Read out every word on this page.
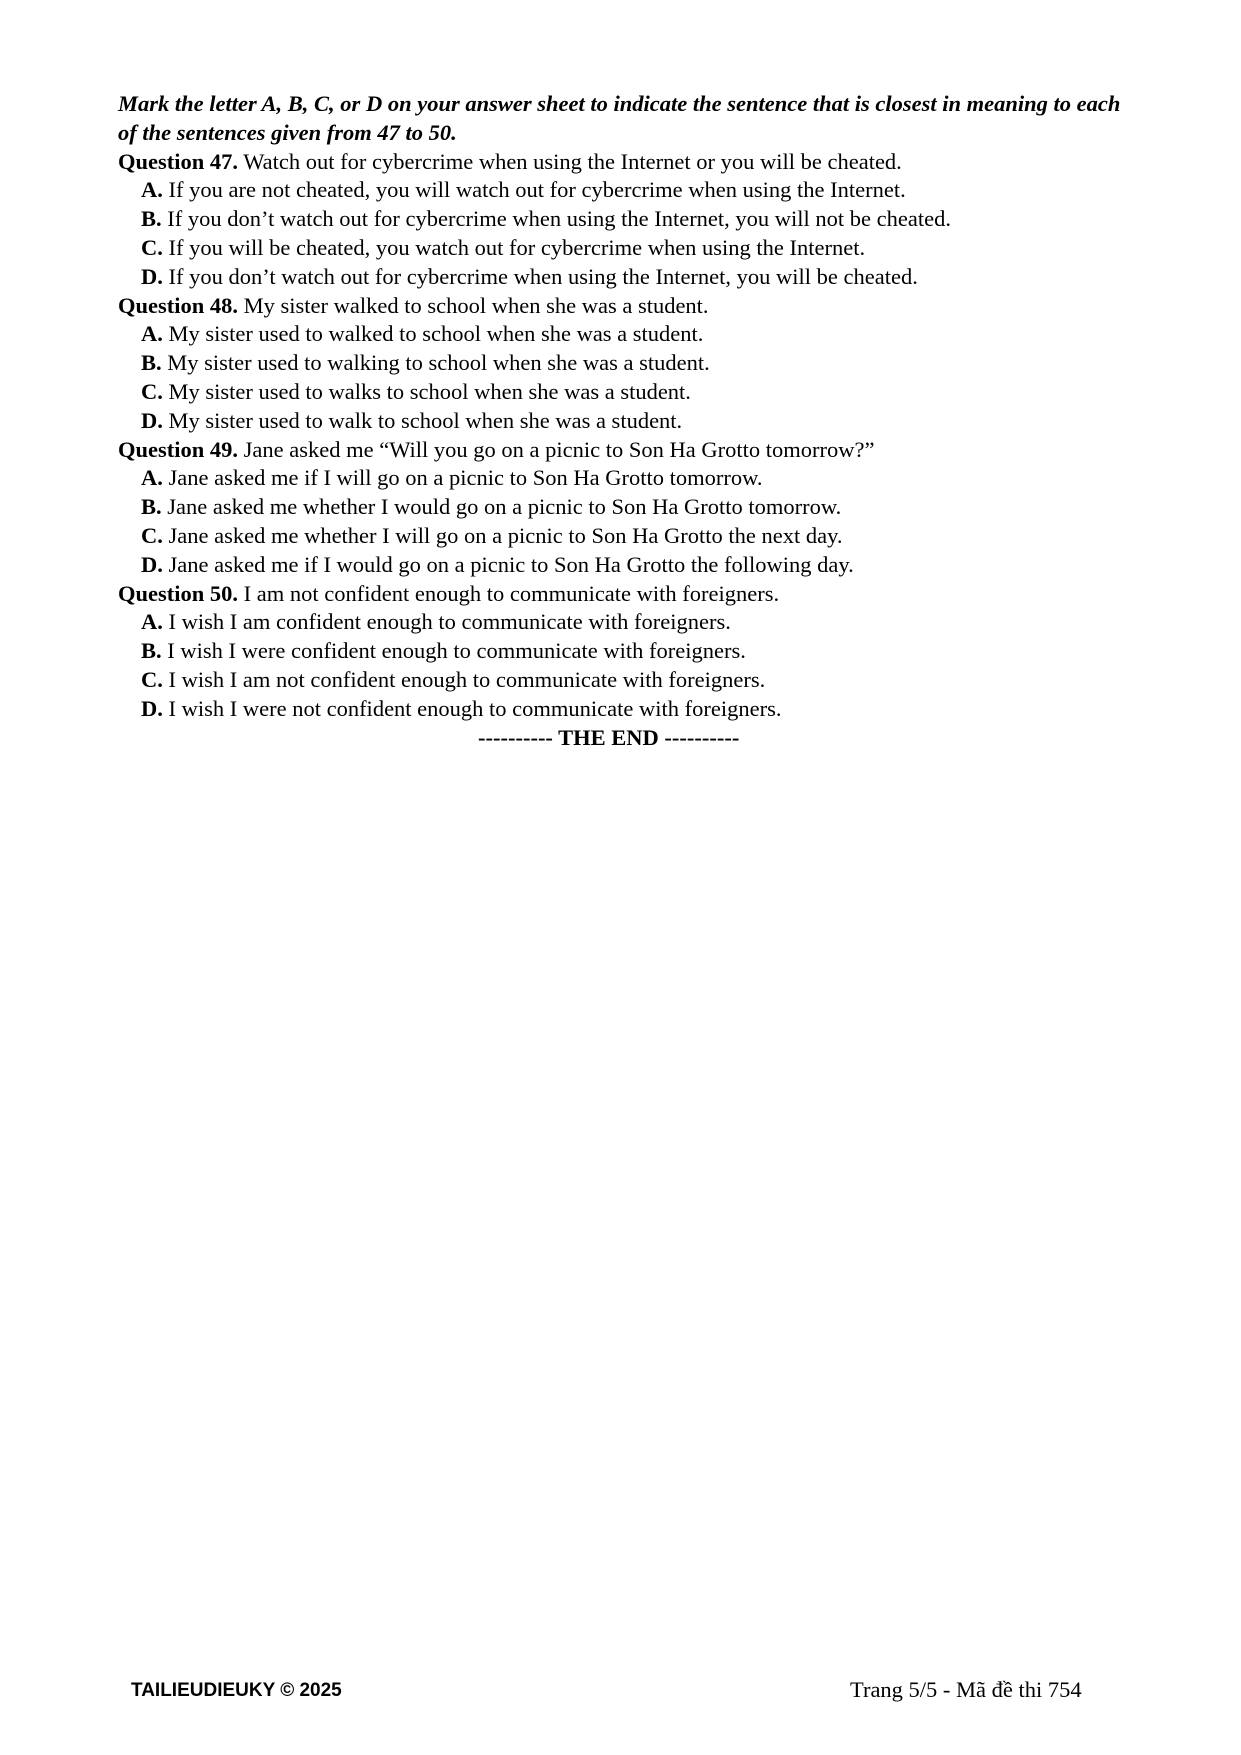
Mark the letter A, B, C, or D on your answer sheet to indicate the sentence that is closest in meaning to each of the sentences given from 47 to 50.

Question 47. Watch out for cybercrime when using the Internet or you will be cheated.

A. If you are not cheated, you will watch out for cybercrime when using the Internet.

B. If you don’t watch out for cybercrime when using the Internet, you will not be cheated.

C. If you will be cheated, you watch out for cybercrime when using the Internet.

D. If you don’t watch out for cybercrime when using the Internet, you will be cheated.

Question 48. My sister walked to school when she was a student.

A. My sister used to walked to school when she was a student.

B. My sister used to walking to school when she was a student.

C. My sister used to walks to school when she was a student.

D. My sister used to walk to school when she was a student.

Question 49. Jane asked me “Will you go on a picnic to Son Ha Grotto tomorrow?”

A. Jane asked me if I will go on a picnic to Son Ha Grotto tomorrow.

B. Jane asked me whether I would go on a picnic to Son Ha Grotto tomorrow.

C. Jane asked me whether I will go on a picnic to Son Ha Grotto the next day.

D. Jane asked me if I would go on a picnic to Son Ha Grotto the following day.

Question 50. I am not confident enough to communicate with foreigners.

A. I wish I am confident enough to communicate with foreigners.

B. I wish I were confident enough to communicate with foreigners.

C. I wish I am not confident enough to communicate with foreigners.

D. I wish I were not confident enough to communicate with foreigners.

---------- THE END ----------

TAILIEUDIEUKY © 2025	Trang 5/5 - Mã đề thi 754
